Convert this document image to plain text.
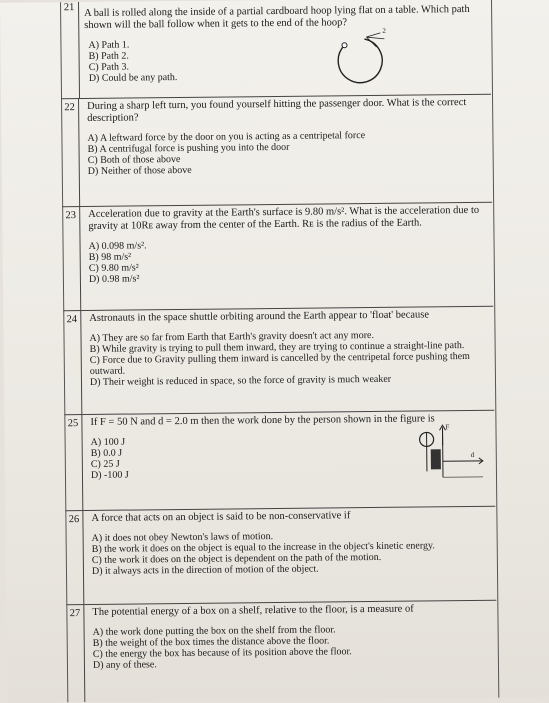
21 A ball is rolled along the inside of a partial cardboard hoop lying flat on a table. Which path shown will the ball follow when it gets to the end of the hoop?

A) Path 1.

B) Path 2.

C) Path 3.

D) Could be any path.

2
22	During a sharp left turn, you found yourself hitting the passenger door. What is the correct description?

A) A leftward force by the door on you is acting as a centripetal force

B) A centrifugal force is pushing you into the door

C) Both of those above

D) Neither of those above

23	Acceleration due to gravity at the Earth's surface is 9.80 m/s². What is the acceleration due to gravity at 10Rᴇ away from the center of the Earth. Rᴇ is the radius of the Earth.

A) 0.098 m/s².

B) 98 m/s²

C) 9.80 m/s²

D) 0.98 m/s²

24	Astronauts in the space shuttle orbiting around the Earth appear to 'float' because

A) They are so far from Earth that Earth's gravity doesn't act any more.

B) While gravity is trying to pull them inward, they are trying to continue a straight-line path.

C) Force due to Gravity pulling them inward is cancelled by the centripetal force pushing them outward.

D) Their weight is reduced in space, so the force of gravity is much weaker

25	If F = 50 N and d = 2.0 m then the work done by the person shown in the figure is

A) 100 J

B) 0.0 J

C) 25 J

D) -100 J

F
d
26	A force that acts on an object is said to be non-conservative if

A) it does not obey Newton's laws of motion.

B) the work it does on the object is equal to the increase in the object's kinetic energy.

C) the work it does on the object is dependent on the path of the motion.

D) it always acts in the direction of motion of the object.

27	The potential energy of a box on a shelf, relative to the floor, is a measure of

A) the work done putting the box on the shelf from the floor.

B) the weight of the box times the distance above the floor.

C) the energy the box has because of its position above the floor.

D) any of these.
